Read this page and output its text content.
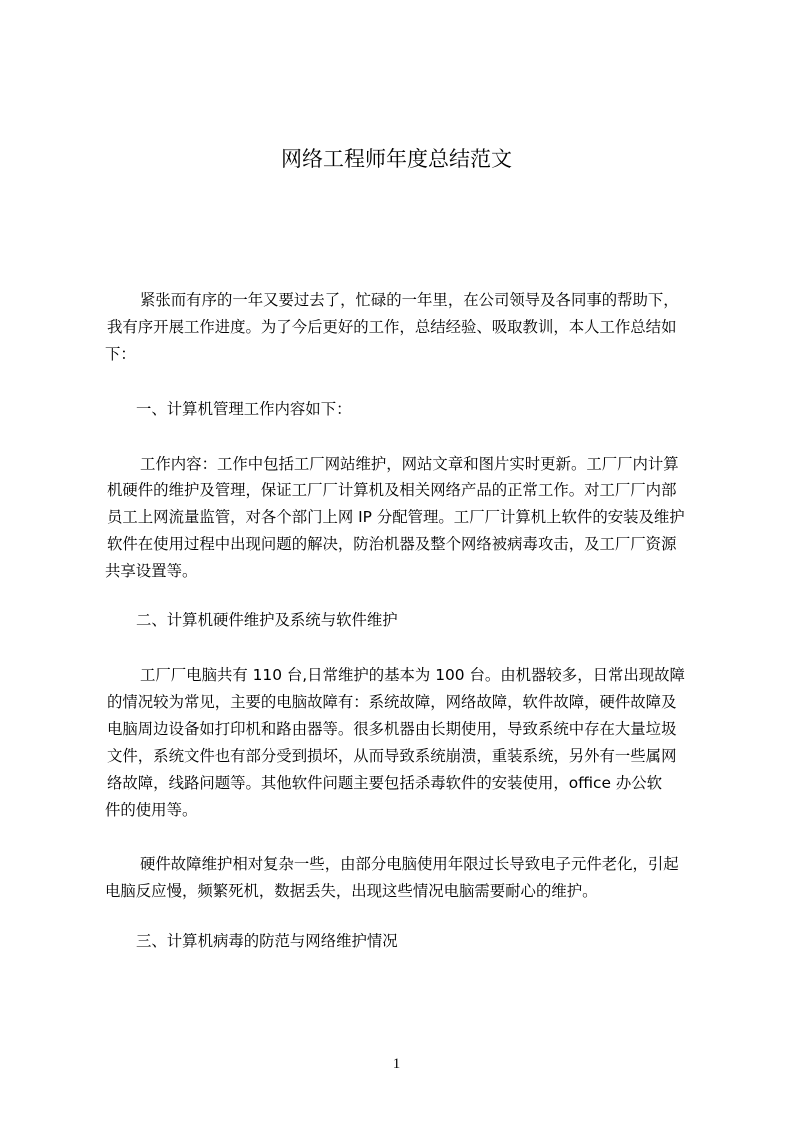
网络工程师年度总结范文
紧张而有序的一年又要过去了，忙碌的一年里，在公司领导及各同事的帮助下，
我有序开展工作进度。为了今后更好的工作，总结经验、吸取教训，本人工作总结如
下：
一、计算机管理工作内容如下：
工作内容：工作中包括工厂网站维护，网站文章和图片实时更新。工厂厂内计算
机硬件的维护及管理，保证工厂厂计算机及相关网络产品的正常工作。对工厂厂内部
员工上网流量监管，对各个部门上网 IP 分配管理。工厂厂计算机上软件的安装及维护
软件在使用过程中出现问题的解决，防治机器及整个网络被病毒攻击，及工厂厂资源
共享设置等。
二、计算机硬件维护及系统与软件维护
工厂厂电脑共有 110 台,日常维护的基本为 100 台。由机器较多，日常出现故障
的情况较为常见，主要的电脑故障有：系统故障，网络故障，软件故障，硬件故障及
电脑周边设备如打印机和路由器等。很多机器由长期使用，导致系统中存在大量垃圾
文件，系统文件也有部分受到损坏，从而导致系统崩溃，重装系统，另外有一些属网
络故障，线路问题等。其他软件问题主要包括杀毒软件的安装使用，office 办公软
件的使用等。
硬件故障维护相对复杂一些，由部分电脑使用年限过长导致电子元件老化，引起
电脑反应慢，频繁死机，数据丢失，出现这些情况电脑需要耐心的维护。
三、计算机病毒的防范与网络维护情况
1
